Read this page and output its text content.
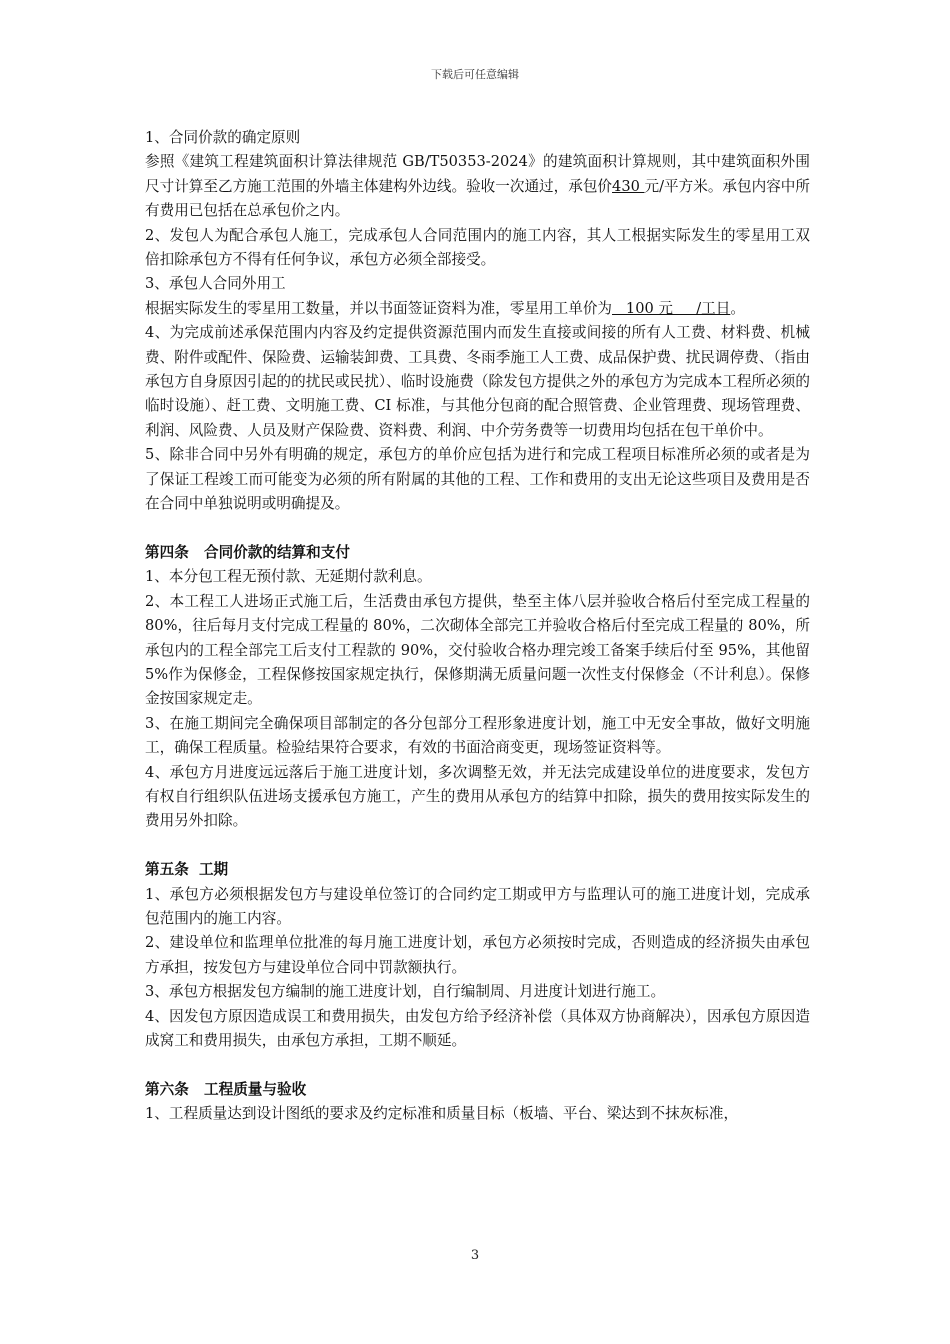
下载后可任意编辑

1、合同价款的确定原则

参照《建筑工程建筑面积计算法律规范 GB/T50353-2024》的建筑面积计算规则，其中建筑面积外围尺寸计算至乙方施工范围的外墙主体建构外边线。验收一次通过，承包价430 元/平方米。承包内容中所有费用已包括在总承包价之内。

2、发包人为配合承包人施工，完成承包人合同范围内的施工内容，其人工根据实际发生的零星用工双倍扣除承包方不得有任何争议，承包方必须全部接受。

3、承包人合同外用工

根据实际发生的零星用工数量，并以书面签证资料为准，零星用工单价为   100 元     /工日。

4、为完成前述承保范围内内容及约定提供资源范围内而发生直接或间接的所有人工费、材料费、机械费、附件或配件、保险费、运输装卸费、工具费、冬雨季施工人工费、成品保护费、扰民调停费、（指由承包方自身原因引起的的扰民或民扰）、临时设施费（除发包方提供之外的承包方为完成本工程所必须的临时设施）、赶工费、文明施工费、CI 标准，与其他分包商的配合照管费、企业管理费、现场管理费、利润、风险费、人员及财产保险费、资料费、利润、中介劳务费等一切费用均包括在包干单价中。

5、除非合同中另外有明确的规定，承包方的单价应包括为进行和完成工程项目标准所必须的或者是为了保证工程竣工而可能变为必须的所有附属的其他的工程、工作和费用的支出无论这些项目及费用是否在合同中单独说明或明确提及。

第四条   合同价款的结算和支付

1、本分包工程无预付款、无延期付款利息。

2、本工程工人进场正式施工后，生活费由承包方提供，垫至主体八层并验收合格后付至完成工程量的 80%，往后每月支付完成工程量的 80%，二次砌体全部完工并验收合格后付至完成工程量的 80%，所承包内的工程全部完工后支付工程款的 90%，交付验收合格办理完竣工备案手续后付至 95%，其他留 5%作为保修金，工程保修按国家规定执行，保修期满无质量问题一次性支付保修金（不计利息）。保修金按国家规定走。

3、在施工期间完全确保项目部制定的各分包部分工程形象进度计划，施工中无安全事故，做好文明施工，确保工程质量。检验结果符合要求，有效的书面洽商变更，现场签证资料等。

4、承包方月进度远远落后于施工进度计划，多次调整无效，并无法完成建设单位的进度要求，发包方有权自行组织队伍进场支援承包方施工，产生的费用从承包方的结算中扣除，损失的费用按实际发生的费用另外扣除。

第五条  工期

1、承包方必须根据发包方与建设单位签订的合同约定工期或甲方与监理认可的施工进度计划，完成承包范围内的施工内容。

2、建设单位和监理单位批准的每月施工进度计划，承包方必须按时完成，否则造成的经济损失由承包方承担，按发包方与建设单位合同中罚款额执行。

3、承包方根据发包方编制的施工进度计划，自行编制周、月进度计划进行施工。

4、因发包方原因造成误工和费用损失，由发包方给予经济补偿（具体双方协商解决），因承包方原因造成窝工和费用损失，由承包方承担，工期不顺延。

第六条   工程质量与验收

1、工程质量达到设计图纸的要求及约定标准和质量目标（板墙、平台、梁达到不抹灰标准，

3
